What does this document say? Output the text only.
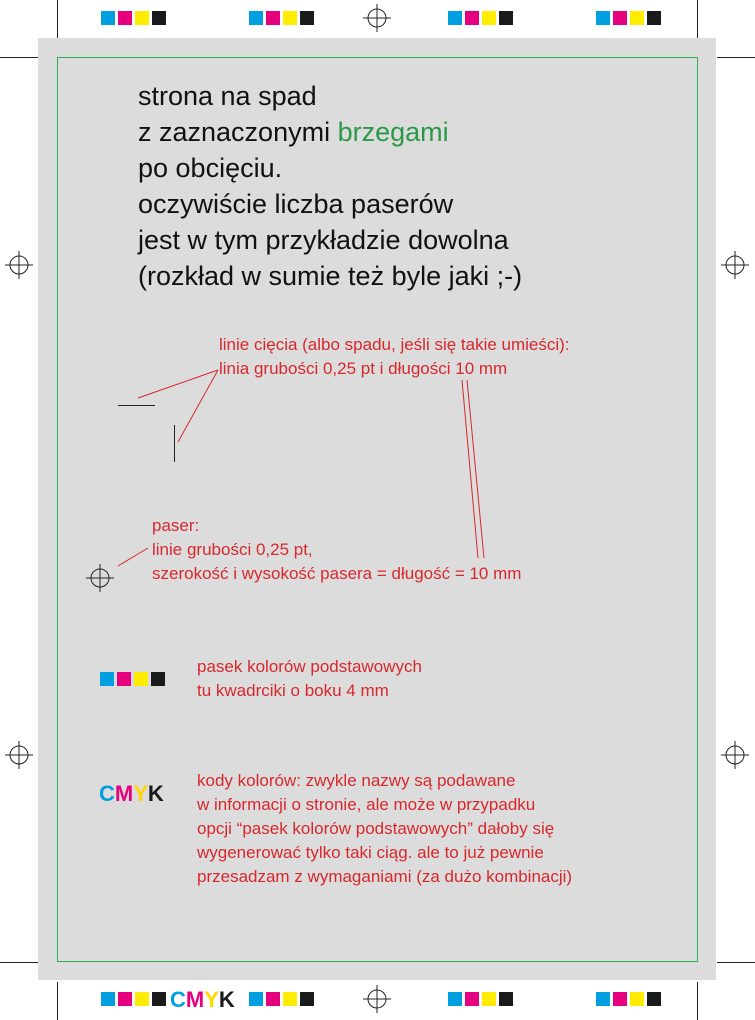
CMYK
CMYK
strona na spad
z zaznaczonymi brzegami
po obcięciu.
oczywiście liczba paserów
jest w tym przykładzie dowolna
(rozkład w sumie też byle jaki ;-)
linie cięcia (albo spadu, jeśli się takie umieści):
linia grubości 0,25 pt i długości 10 mm
paser:
linie grubości 0,25 pt,
szerokość i wysokość pasera = długość = 10 mm
pasek kolorów podstawowych
tu kwadrciki o boku 4 mm
kody kolorów: zwykle nazwy są podawane
w informacji o stronie, ale może w przypadku
opcji “pasek kolorów podstawowych” dałoby się
wygenerować tylko taki ciąg. ale to już pewnie
przesadzam z wymaganiami (za dużo kombinacji)
